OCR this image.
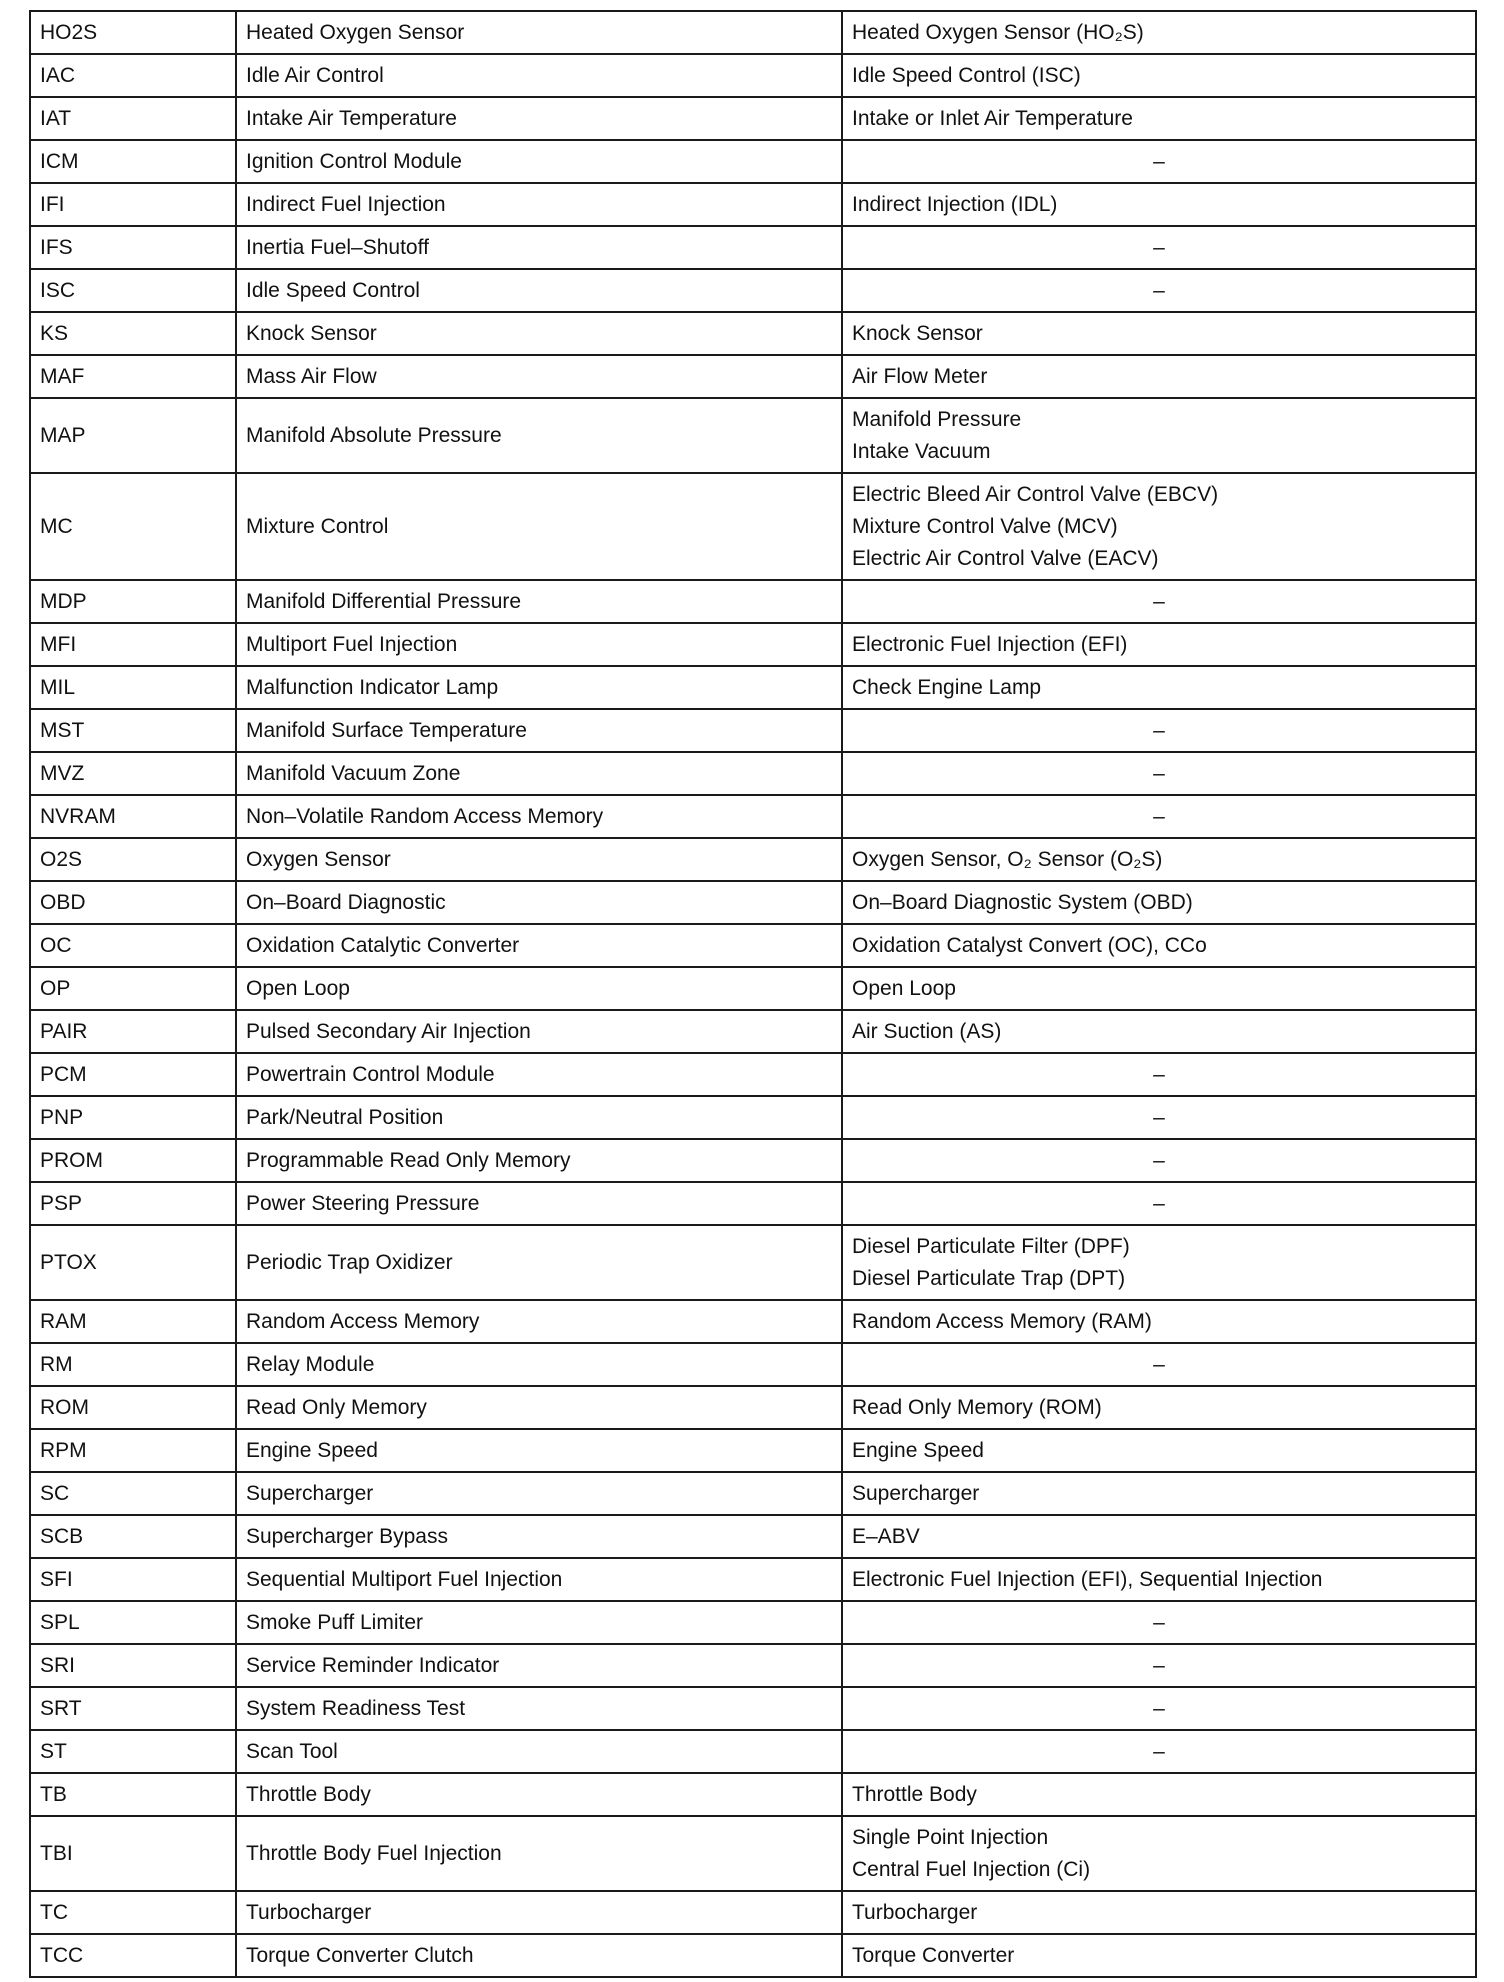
HO2S	Heated Oxygen Sensor	Heated Oxygen Sensor (HO₂S)

IAC	Idle Air Control	Idle Speed Control (ISC)

IAT	Intake Air Temperature	Intake or Inlet Air Temperature

ICM	Ignition Control Module	–

IFI	Indirect Fuel Injection	Indirect Injection (IDL)

IFS	Inertia Fuel–Shutoff	–

ISC	Idle Speed Control	–

KS	Knock Sensor	Knock Sensor

MAF	Mass Air Flow	Air Flow Meter

MAP	Manifold Absolute Pressure	Manifold Pressure
Intake Vacuum

MC	Mixture Control	Electric Bleed Air Control Valve (EBCV)
Mixture Control Valve (MCV)
Electric Air Control Valve (EACV)

MDP	Manifold Differential Pressure	–

MFI	Multiport Fuel Injection	Electronic Fuel Injection (EFI)

MIL	Malfunction Indicator Lamp	Check Engine Lamp

MST	Manifold Surface Temperature	–

MVZ	Manifold Vacuum Zone	–

NVRAM	Non–Volatile Random Access Memory	–

O2S	Oxygen Sensor	Oxygen Sensor, O₂ Sensor (O₂S)

OBD	On–Board Diagnostic	On–Board Diagnostic System (OBD)

OC	Oxidation Catalytic Converter	Oxidation Catalyst Convert (OC), CCo

OP	Open Loop	Open Loop

PAIR	Pulsed Secondary Air Injection	Air Suction (AS)

PCM	Powertrain Control Module	–

PNP	Park/Neutral Position	–

PROM	Programmable Read Only Memory	–

PSP	Power Steering Pressure	–

PTOX	Periodic Trap Oxidizer	Diesel Particulate Filter (DPF)
Diesel Particulate Trap (DPT)

RAM	Random Access Memory	Random Access Memory (RAM)

RM	Relay Module	–

ROM	Read Only Memory	Read Only Memory (ROM)

RPM	Engine Speed	Engine Speed

SC	Supercharger	Supercharger

SCB	Supercharger Bypass	E–ABV

SFI	Sequential Multiport Fuel Injection	Electronic Fuel Injection (EFI), Sequential Injection

SPL	Smoke Puff Limiter	–

SRI	Service Reminder Indicator	–

SRT	System Readiness Test	–

ST	Scan Tool	–

TB	Throttle Body	Throttle Body

TBI	Throttle Body Fuel Injection	Single Point Injection
Central Fuel Injection (Ci)

TC	Turbocharger	Turbocharger

TCC	Torque Converter Clutch	Torque Converter
